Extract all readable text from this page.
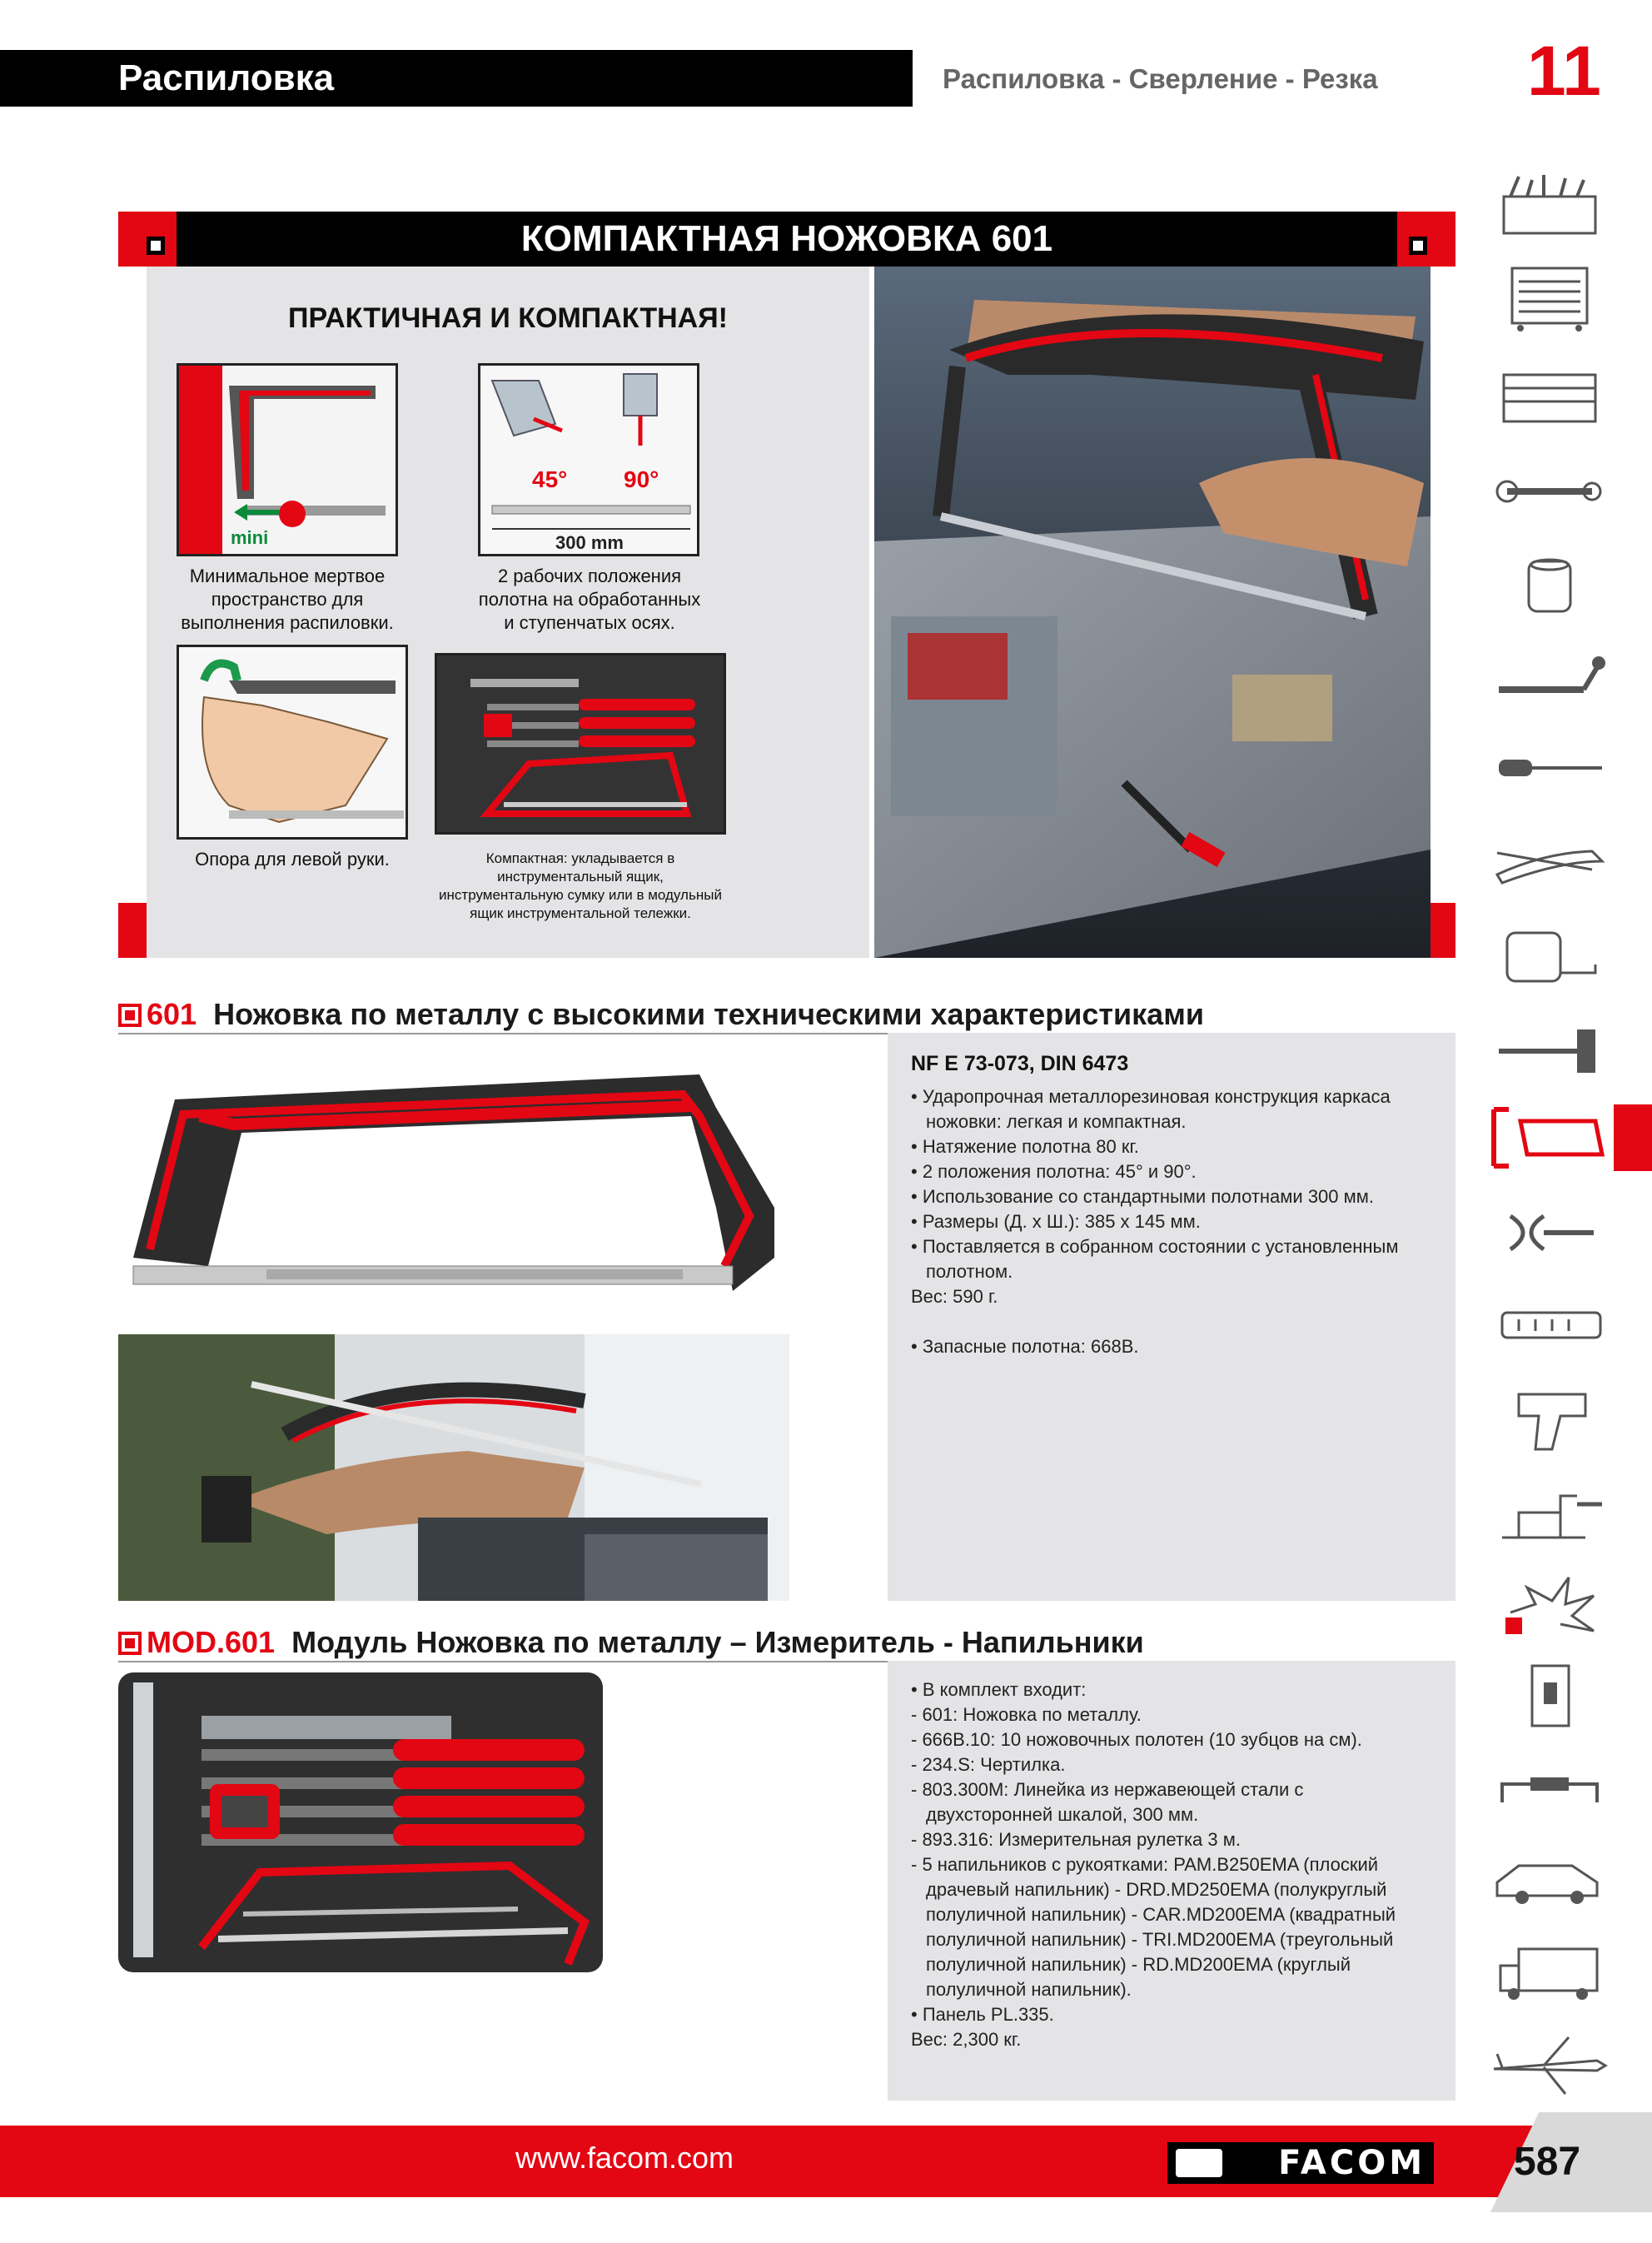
Распиловка	Распиловка - Сверление - Резка 11
КОМПАКТНАЯ НОЖОВКА 601
ПРАКТИЧНАЯ И КОМПАКТНАЯ!
mini
Минимальное мертвое
пространство для
выполнения распиловки.
45° 90°
300 mm
2 рабочих положения
полотна на обработанных
и ступенчатых осях.
Опора для левой руки.	Компактная: укладывается в
инструментальный ящик,
инструментальную сумку или в модульный
ящик инструментальной тележки.
601 Ножовка по металлу с высокими техническими характеристиками
NF E 73-073, DIN 6473
• Ударопрочная металлорезиновая конструкция каркаса ножовки: легкая и компактная.
• Натяжение полотна 80 кг.
• 2 положения полотна: 45° и 90°.
• Использование со стандартными полотнами 300 мм.
• Размеры (Д. х Ш.): 385 х 145 мм.
• Поставляется в собранном состоянии с установленным полотном.
Вес: 590 г.
• Запасные полотна: 668B.
MOD.601 Модуль Ножовка по металлу – Измеритель - Напильники
• В комплект входит:
- 601: Ножовка по металлу.
- 666B.10: 10 ножовочных полотен (10 зубцов на см).
- 234.S: Чертилка.
- 803.300M: Линейка из нержавеющей стали с двухсторонней шкалой, 300 мм.
- 893.316: Измерительная рулетка 3 м.
- 5 напильников с рукоятками: PAM.B250EMA (плоский драчевый напильник) - DRD.MD250EMA (полукруглый полуличной напильник) - CAR.MD200EMA (квадратный полуличной напильник) - TRI.MD200EMA (треугольный полуличной напильник) - RD.MD200EMA (круглый полуличной напильник).
• Панель PL.335.
Вес: 2,300 кг.
www.facom.com	FACOM 587
